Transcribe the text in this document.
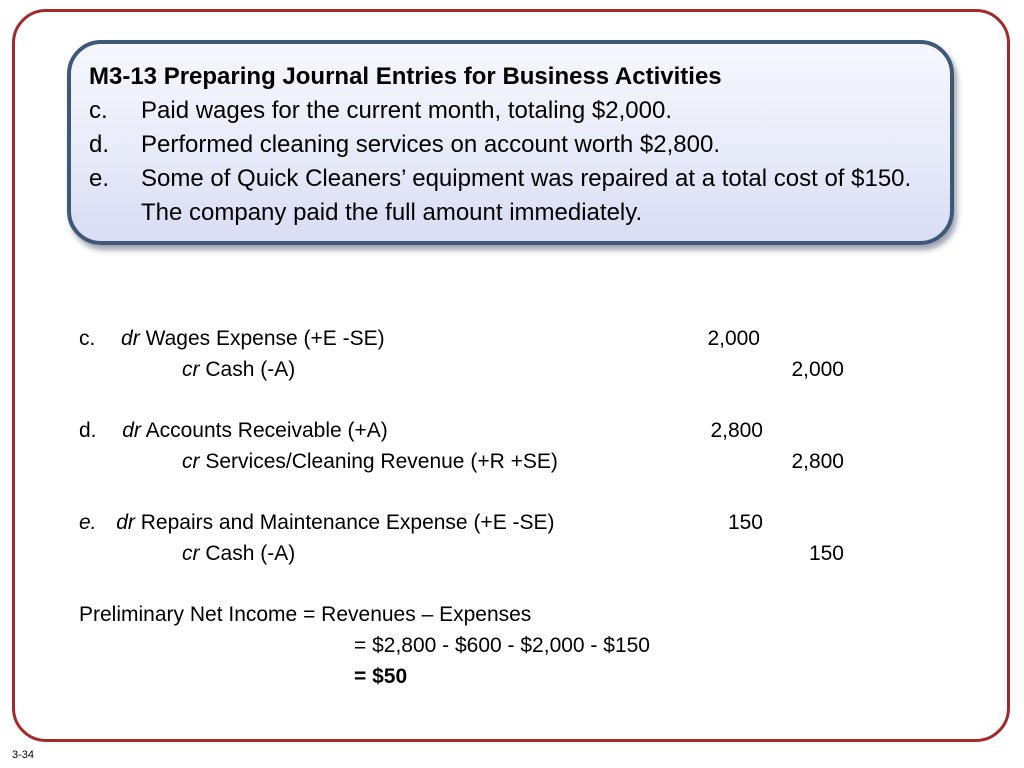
M3-13 Preparing Journal Entries for Business Activities
c.	Paid wages for the current month, totaling $2,000.
d.	Performed cleaning services on account worth $2,800.
e.	Some of Quick Cleaners’ equipment was repaired at a total cost of $150. The company paid the full amount immediately.
c. dr Wages Expense (+E -SE)	2,000
cr Cash (-A)	2,000
d. dr Accounts Receivable (+A)	2,800
cr Services/Cleaning Revenue (+R +SE)	2,800
e. dr Repairs and Maintenance Expense (+E -SE)	150
cr Cash (-A)	150
Preliminary Net Income = Revenues – Expenses
= $2,800 - $600 - $2,000 - $150
= $50
3-34
